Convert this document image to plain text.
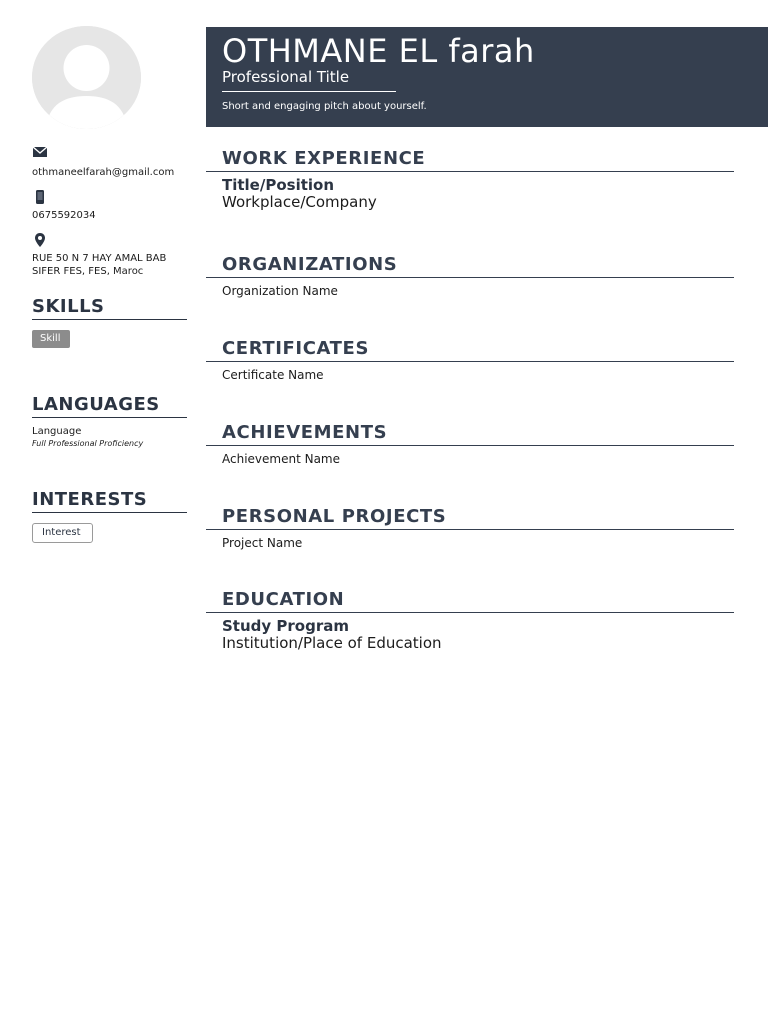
OTHMANE EL farah
Professional Title
Short and engaging pitch about yourself.
othmaneelfarah@gmail.com
0675592034
RUE 50 N 7 HAY AMAL BAB SIFER FES, FES, Maroc
SKILLS
Skill
LANGUAGES
Language
Full Professional Proficiency
INTERESTS
Interest
WORK EXPERIENCE
Title/Position
Workplace/Company
ORGANIZATIONS
Organization Name
CERTIFICATES
Certificate Name
ACHIEVEMENTS
Achievement Name
PERSONAL PROJECTS
Project Name
EDUCATION
Study Program
Institution/Place of Education
